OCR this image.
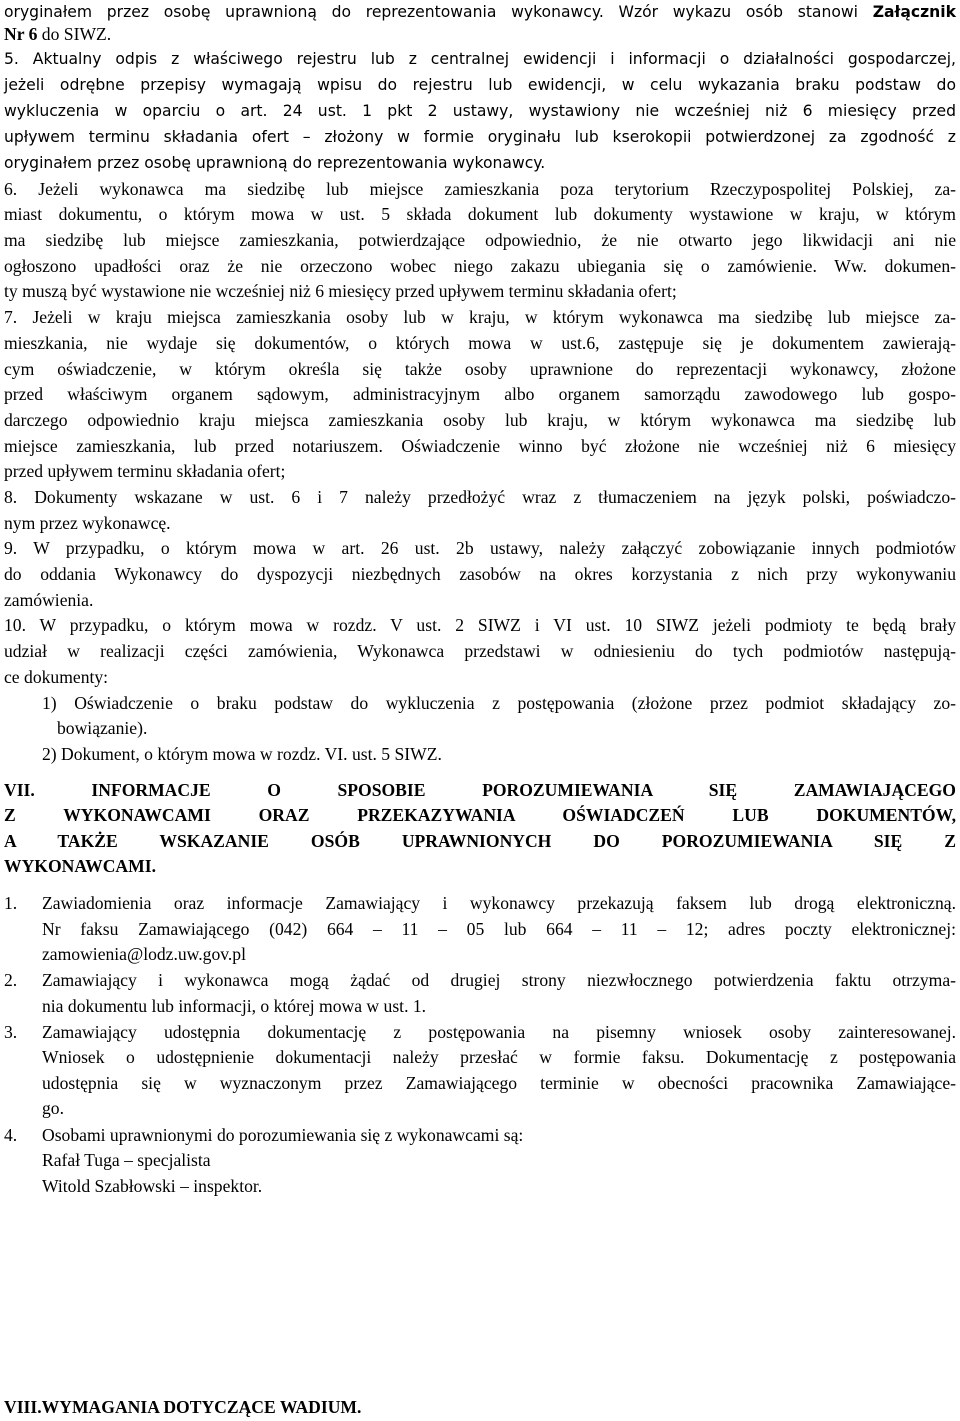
oryginałem przez osobę uprawnioną do reprezentowania wykonawcy. Wzór wykazu osób stanowi Załącznik
Nr 6 do SIWZ.
5. Aktualny odpis z właściwego rejestru lub z centralnej ewidencji i informacji o działalności gospodarczej,
jeżeli odrębne przepisy wymagają wpisu do rejestru lub ewidencji, w celu wykazania braku podstaw do
wykluczenia w oparciu o art. 24 ust. 1 pkt 2 ustawy, wystawiony nie wcześniej niż 6 miesięcy przed
upływem terminu składania ofert – złożony w formie oryginału lub kserokopii potwierdzonej za zgodność z
oryginałem przez osobę uprawnioną do reprezentowania wykonawcy.
6. Jeżeli wykonawca ma siedzibę lub miejsce zamieszkania poza terytorium Rzeczypospolitej Polskiej, za-
miast dokumentu, o którym mowa w ust. 5 składa dokument lub dokumenty wystawione w kraju, w którym
ma siedzibę lub miejsce zamieszkania, potwierdzające odpowiednio, że nie otwarto jego likwidacji ani nie
ogłoszono upadłości oraz że nie orzeczono wobec niego zakazu ubiegania się o zamówienie. Ww. dokumen-
ty muszą być wystawione nie wcześniej niż 6 miesięcy przed upływem terminu składania ofert;
7. Jeżeli w kraju miejsca zamieszkania osoby lub w kraju, w którym wykonawca ma siedzibę lub miejsce za-
mieszkania, nie wydaje się dokumentów, o których mowa w ust.6, zastępuje się je dokumentem zawierają-
cym oświadczenie, w którym określa się także osoby uprawnione do reprezentacji wykonawcy, złożone
przed właściwym organem sądowym, administracyjnym albo organem samorządu zawodowego lub gospo-
darczego odpowiednio kraju miejsca zamieszkania osoby lub kraju, w którym wykonawca ma siedzibę lub
miejsce zamieszkania, lub przed notariuszem. Oświadczenie winno być złożone nie wcześniej niż 6 miesięcy
przed upływem terminu składania ofert;
8. Dokumenty wskazane w ust. 6 i 7 należy przedłożyć wraz z tłumaczeniem na język polski, poświadczo-
nym przez wykonawcę.
9. W przypadku, o którym mowa w art. 26 ust. 2b ustawy, należy załączyć zobowiązanie innych podmiotów
do oddania Wykonawcy do dyspozycji niezbędnych zasobów na okres korzystania z nich przy wykonywaniu
zamówienia.
10. W przypadku, o którym mowa w rozdz. V ust. 2 SIWZ i VI ust. 10 SIWZ jeżeli podmioty te będą brały
udział w realizacji części zamówienia, Wykonawca przedstawi w odniesieniu do tych podmiotów następują-
ce dokumenty:
1) Oświadczenie o braku podstaw do wykluczenia z postępowania (złożone przez podmiot składający zo-
bowiązanie).
2) Dokument, o którym mowa w rozdz. VI. ust. 5 SIWZ.
VII. INFORMACJE O SPOSOBIE POROZUMIEWANIA SIĘ ZAMAWIAJĄCEGO
Z WYKONAWCAMI ORAZ PRZEKAZYWANIA OŚWIADCZEŃ LUB DOKUMENTÓW,
A TAKŻE WSKAZANIE OSÓB UPRAWNIONYCH DO POROZUMIEWANIA SIĘ Z
WYKONAWCAMI.
1.	Zawiadomienia oraz informacje Zamawiający i wykonawcy przekazują faksem lub drogą elektroniczną.
Nr faksu Zamawiającego (042) 664 – 11 – 05 lub 664 – 11 – 12; adres poczty elektronicznej:
zamowienia@lodz.uw.gov.pl
2.	Zamawiający i wykonawca mogą żądać od drugiej strony niezwłocznego potwierdzenia faktu otrzyma-
nia dokumentu lub informacji, o której mowa w ust. 1.
3.	Zamawiający udostępnia dokumentację z postępowania na pisemny wniosek osoby zainteresowanej.
Wniosek o udostępnienie dokumentacji należy przesłać w formie faksu. Dokumentację z postępowania
udostępnia się w wyznaczonym przez Zamawiającego terminie w obecności pracownika Zamawiające-
go.
4.	Osobami uprawnionymi do porozumiewania się z wykonawcami są:
Rafał Tuga – specjalista
Witold Szabłowski – inspektor.
VIII.WYMAGANIA DOTYCZĄCE WADIUM.
